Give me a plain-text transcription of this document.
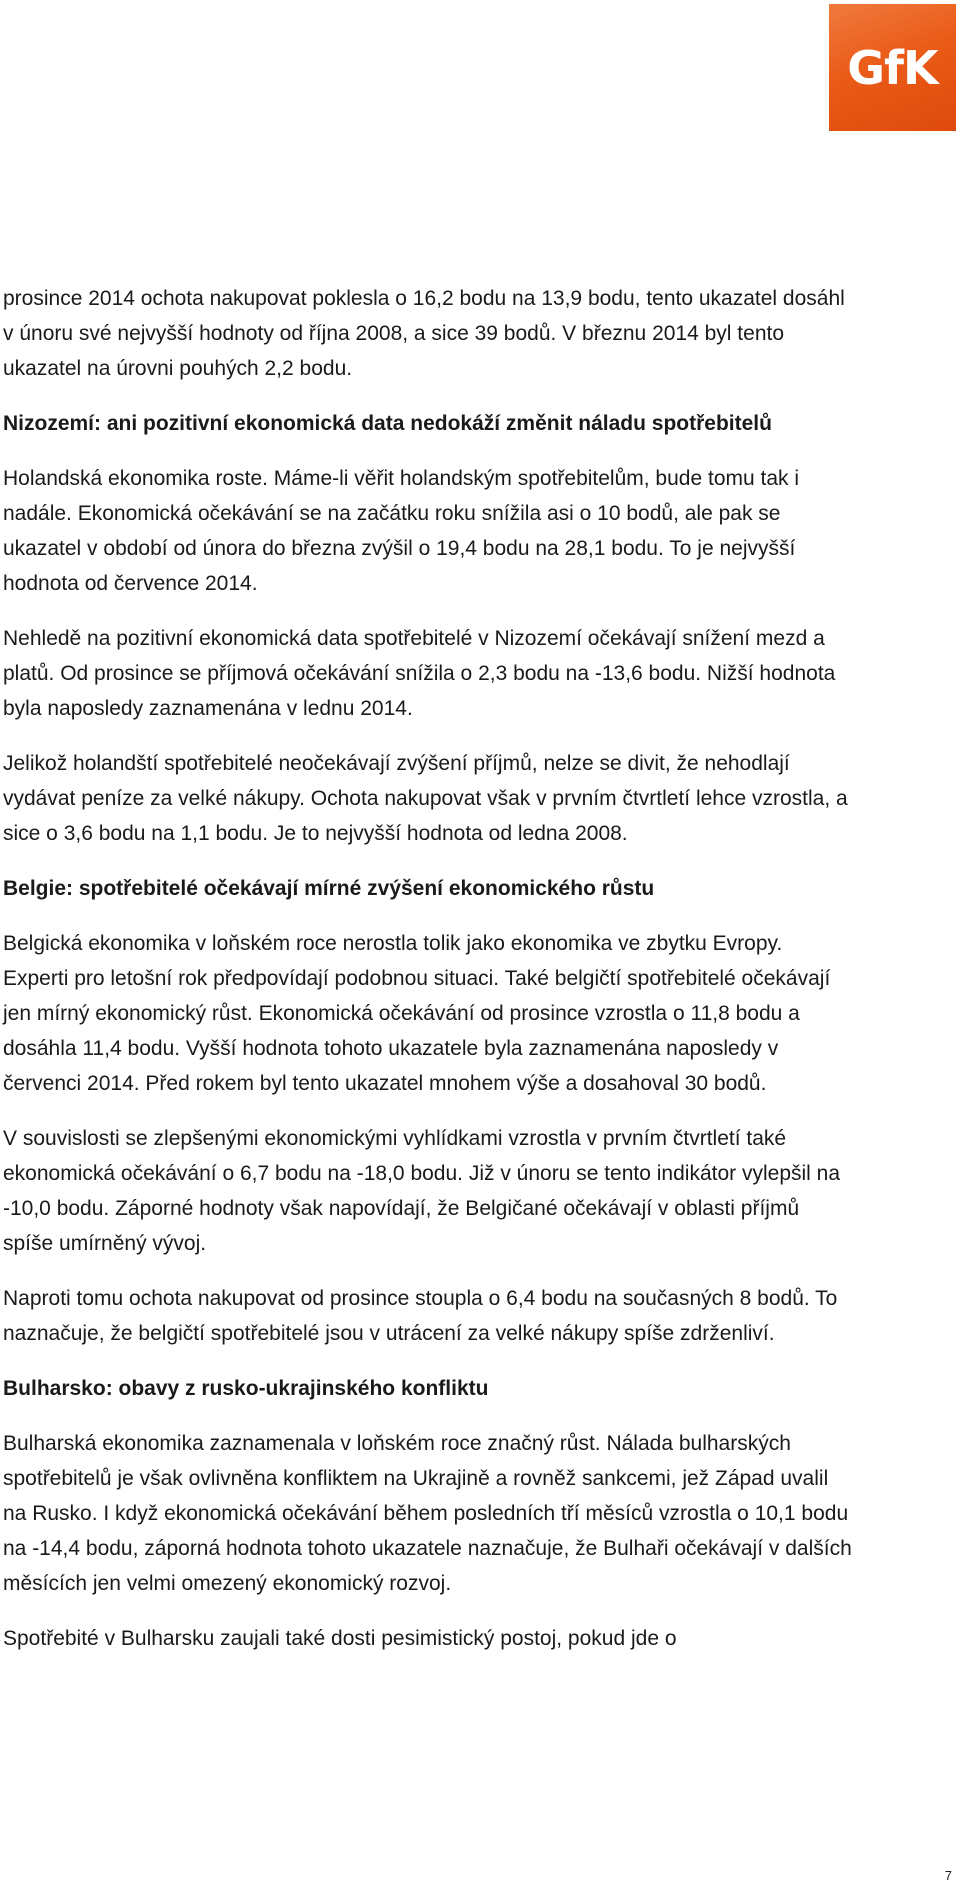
GfK

prosince 2014 ochota nakupovat poklesla o 16,2 bodu na 13,9 bodu, tento ukazatel dosáhl v únoru své nejvyšší hodnoty od října 2008, a sice 39 bodů. V březnu 2014 byl tento ukazatel na úrovni pouhých 2,2 bodu.

Nizozemí: ani pozitivní ekonomická data nedokáží změnit náladu spotřebitelů

Holandská ekonomika roste. Máme-li věřit holandským spotřebitelům, bude tomu tak i nadále. Ekonomická očekávání se na začátku roku snížila asi o 10 bodů, ale pak se ukazatel v období od února do března zvýšil o 19,4 bodu na 28,1 bodu. To je nejvyšší hodnota od července 2014.

Nehledě na pozitivní ekonomická data spotřebitelé v Nizozemí očekávají snížení mezd a platů. Od prosince se příjmová očekávání snížila o 2,3 bodu na -13,6 bodu. Nižší hodnota byla naposledy zaznamenána v lednu 2014.

Jelikož holandští spotřebitelé neočekávají zvýšení příjmů, nelze se divit, že nehodlají vydávat peníze za velké nákupy. Ochota nakupovat však v prvním čtvrtletí lehce vzrostla, a sice o 3,6 bodu na 1,1 bodu. Je to nejvyšší hodnota od ledna 2008.

Belgie: spotřebitelé očekávají mírné zvýšení ekonomického růstu

Belgická ekonomika v loňském roce nerostla tolik jako ekonomika ve zbytku Evropy. Experti pro letošní rok předpovídají podobnou situaci. Také belgičtí spotřebitelé očekávají jen mírný ekonomický růst. Ekonomická očekávání od prosince vzrostla o 11,8 bodu a dosáhla 11,4 bodu. Vyšší hodnota tohoto ukazatele byla zaznamenána naposledy v červenci 2014. Před rokem byl tento ukazatel mnohem výše a dosahoval 30 bodů.

V souvislosti se zlepšenými ekonomickými vyhlídkami vzrostla v prvním čtvrtletí také ekonomická očekávání o 6,7 bodu na -18,0 bodu. Již v únoru se tento indikátor vylepšil na -10,0 bodu. Záporné hodnoty však napovídají, že Belgičané očekávají v oblasti příjmů spíše umírněný vývoj.

Naproti tomu ochota nakupovat od prosince stoupla o 6,4 bodu na současných 8 bodů. To naznačuje, že belgičtí spotřebitelé jsou v utrácení za velké nákupy spíše zdrženliví.

Bulharsko: obavy z rusko-ukrajinského konfliktu

Bulharská ekonomika zaznamenala v loňském roce značný růst. Nálada bulharských spotřebitelů je však ovlivněna konfliktem na Ukrajině a rovněž sankcemi, jež Západ uvalil na Rusko. I když ekonomická očekávání během posledních tří měsíců vzrostla o 10,1 bodu na -14,4 bodu, záporná hodnota tohoto ukazatele naznačuje, že Bulhaři očekávají v dalších měsících jen velmi omezený ekonomický rozvoj.

Spotřebité v Bulharsku zaujali také dosti pesimistický postoj, pokud jde o

7
